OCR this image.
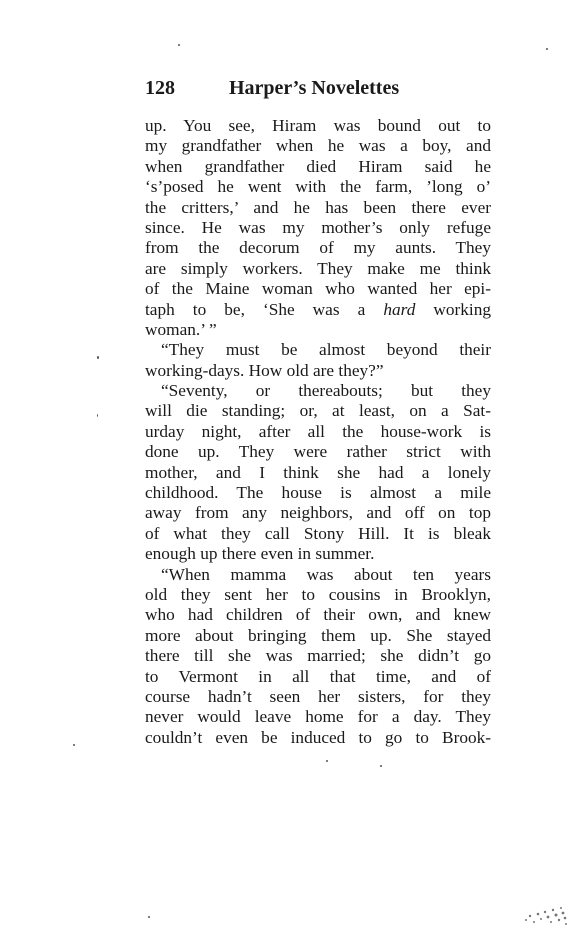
128	Harper’s Novelettes
up. You see, Hiram was bound out to
my grandfather when he was a boy, and
when grandfather died Hiram said he
‘s’posed he went with the farm, ’long o’
the critters,’ and he has been there ever
since. He was my mother’s only refuge
from the decorum of my aunts. They
are simply workers. They make me think
of the Maine woman who wanted her epi-
taph to be, ‘She was a hard working
woman.’ ”
“They must be almost beyond their
working-days. How old are they?”
“Seventy, or thereabouts; but they
will die standing; or, at least, on a Sat-
urday night, after all the house-work is
done up. They were rather strict with
mother, and I think she had a lonely
childhood. The house is almost a mile
away from any neighbors, and off on top
of what they call Stony Hill. It is bleak
enough up there even in summer.
“When mamma was about ten years
old they sent her to cousins in Brooklyn,
who had children of their own, and knew
more about bringing them up. She stayed
there till she was married; she didn’t go
to Vermont in all that time, and of
course hadn’t seen her sisters, for they
never would leave home for a day. They
couldn’t even be induced to go to Brook-
